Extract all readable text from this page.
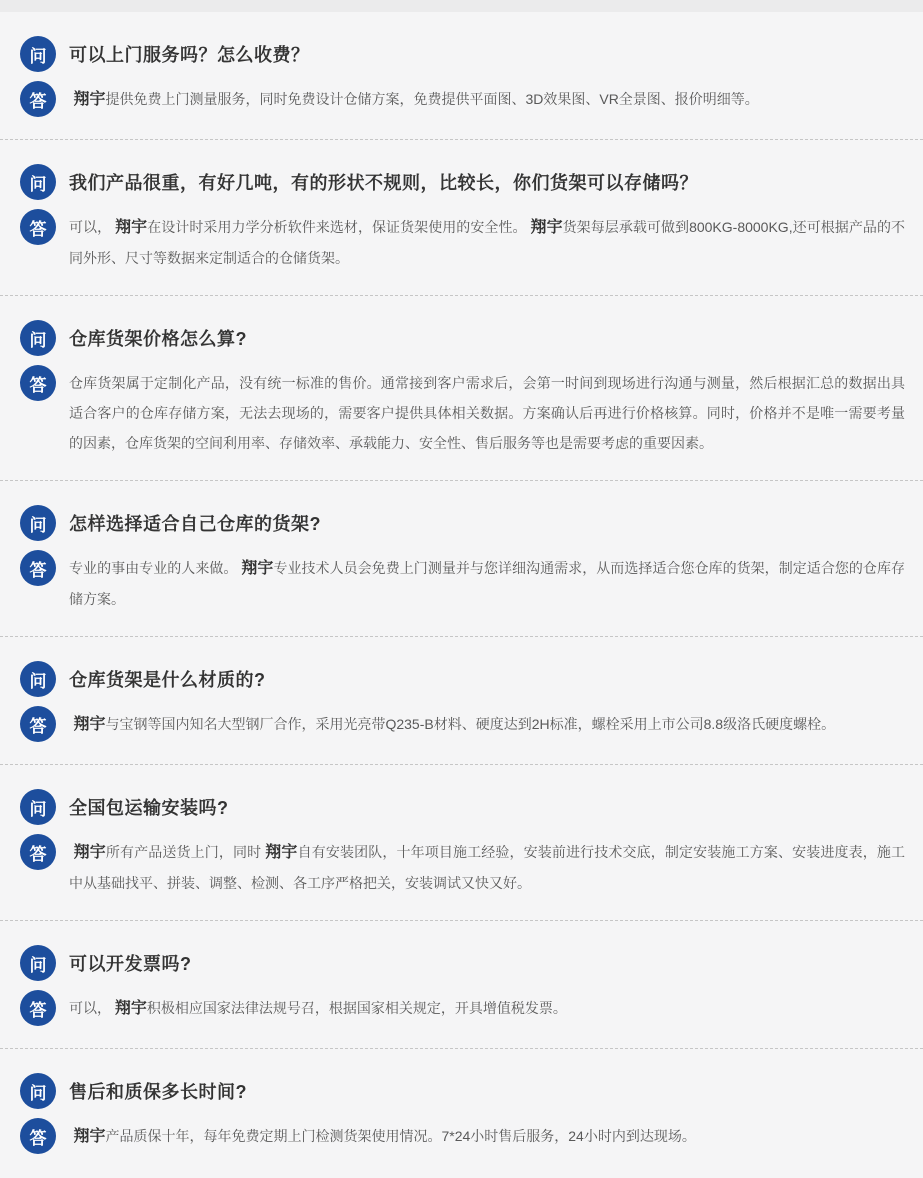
问	可以上门服务吗？怎么收费？
答	翔宇提供免费上门测量服务，同时免费设计仓储方案，免费提供平面图、3D效果图、VR全景图、报价明细等。
问	我们产品很重，有好几吨，有的形状不规则，比较长，你们货架可以存储吗？
答	可以， 翔宇在设计时采用力学分析软件来选材，保证货架使用的安全性。 翔宇货架每层承载可做到800KG-8000KG,还可根据产品的不同外形、尺寸等数据来定制适合的仓储货架。
问	仓库货架价格怎么算?
答	仓库货架属于定制化产品，没有统一标准的售价。通常接到客户需求后，会第一时间到现场进行沟通与测量，然后根据汇总的数据出具适合客户的仓库存储方案，无法去现场的，需要客户提供具体相关数据。方案确认后再进行价格核算。同时，价格并不是唯一需要考量的因素，仓库货架的空间利用率、存储效率、承载能力、安全性、售后服务等也是需要考虑的重要因素。
问	怎样选择适合自己仓库的货架?
答	专业的事由专业的人来做。 翔宇专业技术人员会免费上门测量并与您详细沟通需求，从而选择适合您仓库的货架，制定适合您的仓库存储方案。
问	仓库货架是什么材质的?
答	翔宇与宝钢等国内知名大型钢厂合作，采用光亮带Q235-B材料、硬度达到2H标准，螺栓采用上市公司8.8级洛氏硬度螺栓。
问	全国包运输安装吗?
答	翔宇所有产品送货上门，同时 翔宇自有安装团队，十年项目施工经验，安装前进行技术交底，制定安装施工方案、安装进度表，施工中从基础找平、拼装、调整、检测、各工序严格把关，安装调试又快又好。
问	可以开发票吗?
答	可以， 翔宇积极相应国家法律法规号召，根据国家相关规定，开具增值税发票。
问	售后和质保多长时间?
答	翔宇产品质保十年，每年免费定期上门检测货架使用情况。7*24小时售后服务，24小时内到达现场。
